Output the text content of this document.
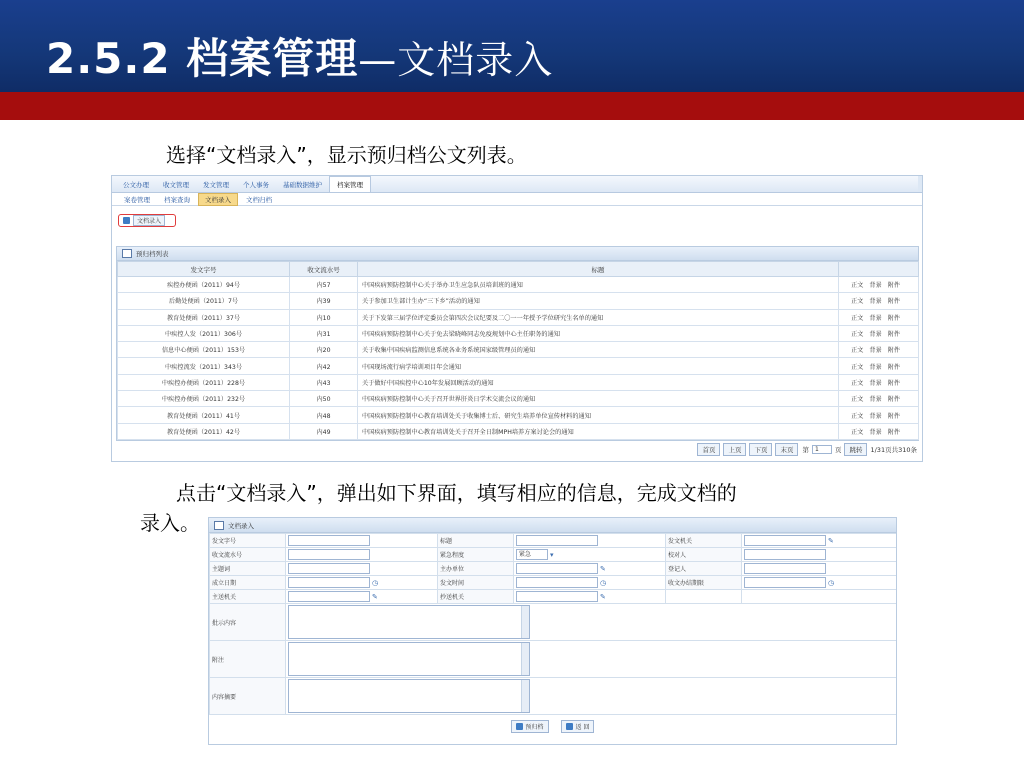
2.5.2 档案管理—文档录入
选择“文档录入”，显示预归档公文列表。
公文办理	收文管理	发文管理	个人事务	基础数据维护	档案管理
案卷管理	档案查询	文档录入	文档归档
文档录入
预归档列表
发文字号	收文流水号	标题	
疾控办便函（2011）94号	内57	中国疾病预防控制中心关于举办卫生应急队员培训班的通知	正文 背景 附件
后勤处便函（2011）7号	内39	关于参加卫生部计生办“三下乡”活动的通知	正文 背景 附件
教育处便函（2011）37号	内10	关于下发第三届学位评定委员会第四次会议纪要及二〇一一年授予学位研究生名单的通知	正文 背景 附件
中疾控人发（2011）306号	内31	中国疾病预防控制中心关于免去梁晓峰同志免疫规划中心主任职务的通知	正文 背景 附件
信息中心便函（2011）153号	内20	关于收集中国疾病监测信息系统各业务系统国家级管理员的通知	正文 背景 附件
中疾控流发（2011）343号	内42	中国现场流行病学培训项目年会通知	正文 背景 附件
中疾控办便函（2011）228号	内43	关于做好中国疾控中心10年发展回顾活动的通知	正文 背景 附件
中疾控办便函（2011）232号	内50	中国疾病预防控制中心关于召开世界肝炎日学术交流会议的通知	正文 背景 附件
教育处便函（2011）41号	内48	中国疾病预防控制中心教育培训处关于收集博士后、研究生培养单位宣传材料的通知	正文 背景 附件
教育处便函（2011）42号	内49	中国疾病预防控制中心教育培训处关于召开全日制MPH培养方案讨论会的通知	正文 背景 附件
首页	上页	下页	末页	第	1	页	跳转	1/31页共310条
点击“文档录入”，弹出如下界面，填写相应的信息，完成文档的
录入。	文档录入
发文字号		标题		发文机关	✎
收文流水号		紧急程度	紧急 ▾	校对人	
主题词		主办单位	✎	登记人	
成立日期	◷	发文时间	◷	收文办结期限	◷
主送机关	✎	抄送机关	✎		
批示内容					
附注					
内容摘要					
预归档	返 回
